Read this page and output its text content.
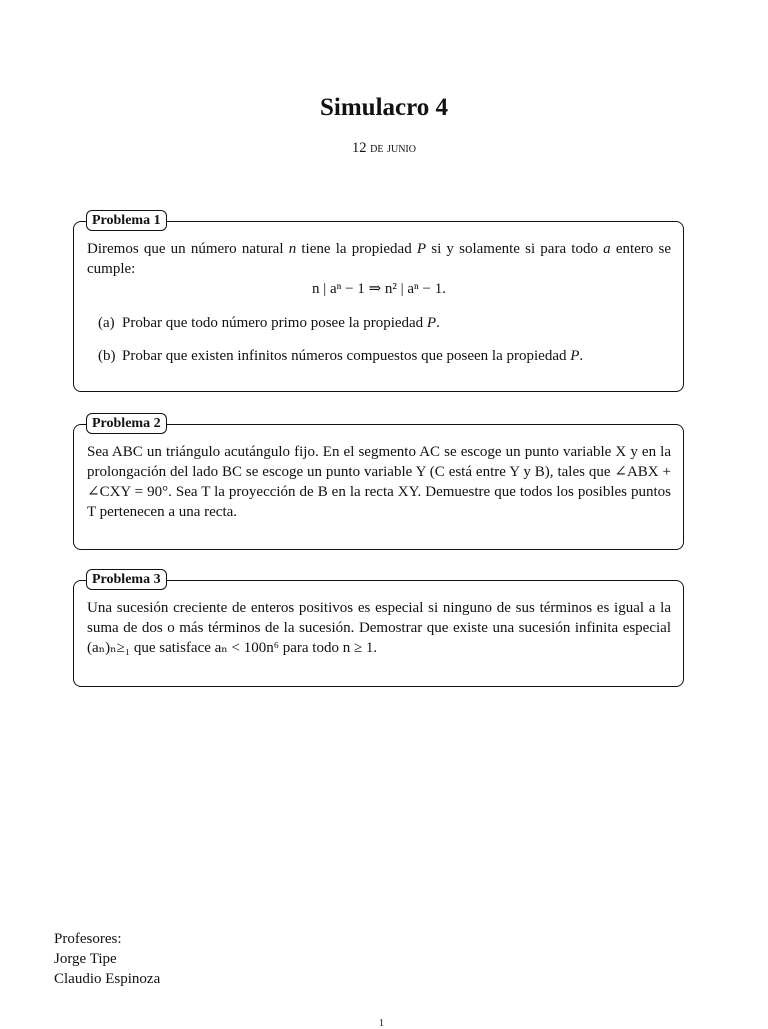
Simulacro 4
12 de junio
Problema 1

Diremos que un número natural n tiene la propiedad P si y solamente si para todo a entero se cumple:

n | aⁿ − 1 ⇒ n² | aⁿ − 1.
(a) Probar que todo número primo posee la propiedad P.
(b) Probar que existen infinitos números compuestos que poseen la propiedad P.
Problema 2

Sea ABC un triángulo acutángulo fijo. En el segmento AC se escoge un punto variable X y en la prolongación del lado BC se escoge un punto variable Y (C está entre Y y B), tales que ∠ABX + ∠CXY = 90°. Sea T la proyección de B en la recta XY. Demuestre que todos los posibles puntos T pertenecen a una recta.

Problema 3

Una sucesión creciente de enteros positivos es especial si ninguno de sus términos es igual a la suma de dos o más términos de la sucesión. Demostrar que existe una sucesión infinita especial (aₙ)ₙ≥₁ que satisface aₙ < 100n⁶ para todo n ≥ 1.

Profesores:
Jorge Tipe
Claudio Espinoza
1
